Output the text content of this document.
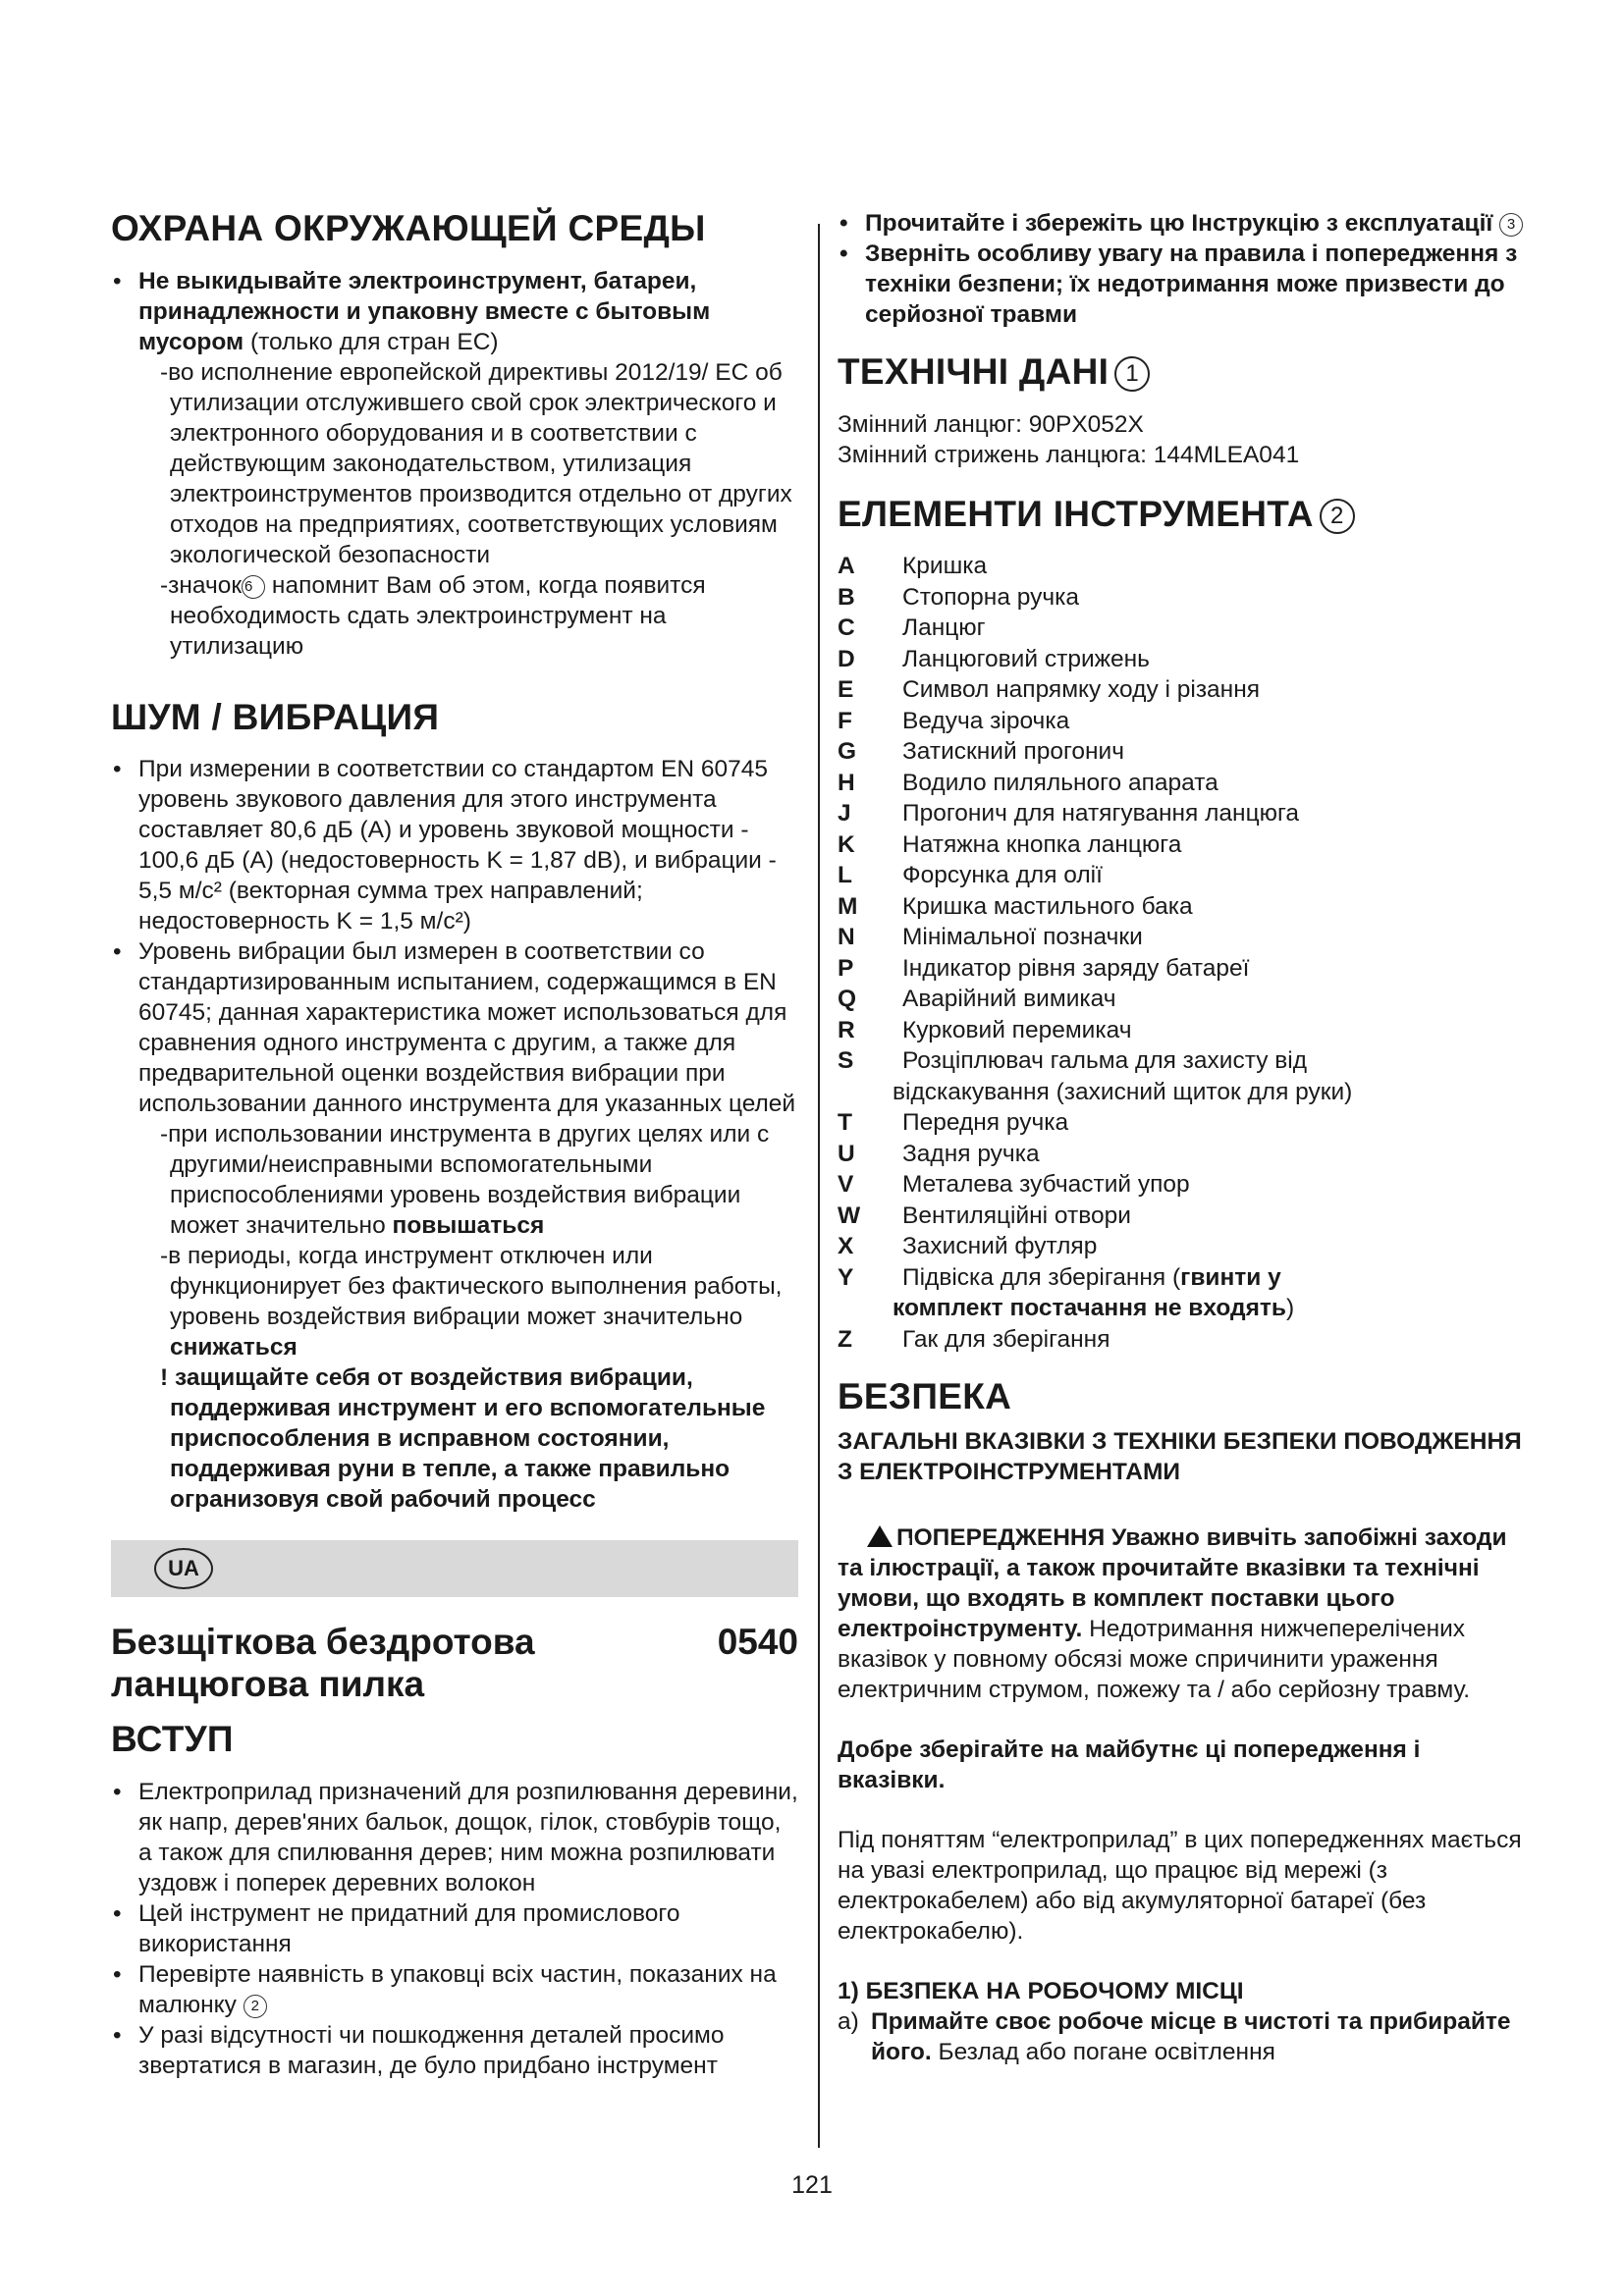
ОХРАНА ОКРУЖАЮЩЕЙ СРЕДЫ

• Не выкидывайте электроинструмент, батареи, принадлежности и упаковну вместе с бытовым мусором (только для стран ЕС)

-во исполнение европейской директивы 2012/19/ ЕС об утилизации отслужившего свой срок электрического и электронного оборудования и в соответствии с действующим законодательством, утилизация электроинструментов производится отдельно от других отходов на предприятиях, соответствующих условиям экологической безопасности

-значок 6 напомнит Вам об этом, когда появится необходимость сдать электроинструмент на утилизацию

ШУМ / ВИБРАЦИЯ

• При измерении в соответствии со стандартом EN 60745 уровень звукового давления для этого инструмента составляет 80,6 дБ (A) и уровень звуковой мощности - 100,6 дБ (A) (недостоверность K = 1,87 dB), и вибрации - 5,5 м/с² (векторная сумма трех направлений; недостоверность K = 1,5 м/с²)

• Уровень вибрации был измерен в соответствии со стандартизированным испытанием, содержащимся в EN 60745; данная характеристика может использоваться для сравнения одного инструмента с другим, а также для предварительной оценки воздействия вибрации при использовании данного инструмента для указанных целей

-при использовании инструмента в других целях или с другими/неисправными вспомогательными приспособлениями уровень воздействия вибрации может значительно повышаться

-в периоды, когда инструмент отключен или функционирует без фактического выполнения работы, уровень воздействия вибрации может значительно снижаться

! защищайте себя от воздействия вибрации, поддерживая инструмент и его вспомогательные приспособления в исправном состоянии, поддерживая руни в тепле, а также правильно огранизовуя свой рабочий процесс

UA
Безщіткова бездротова	0540
ланцюгова пилка
ВСТУП

• Електроприлад призначений для розпилювання деревини, як напр, дерев'яних бальок, дощок, гілок, стовбурів тощо, а також для спилювання дерев; ним можна розпилювати уздовж і поперек деревних волокон

• Цей інструмент не придатний для промислового використання

• Перевірте наявність в упаковці всіх частин, показаних на малюнку 2

• У разі відсутності чи пошкодження деталей просимо звертатися в магазин, де було придбано інструмент

• Прочитайте і збережіть цю Інструкцію з експлуатації 3

• Зверніть особливу увагу на правила і попередження з техніки безпени; їх недотримання може призвести до серйозної травми

ТЕХНІЧНІ ДАНІ 1

Змінний ланцюг: 90PX052X

Змінний стрижень ланцюга: 144MLEA041

ЕЛЕМЕНТИ ІНСТРУМЕНТА 2
A	Кришка
B	Стопорна ручка
C	Ланцюг
D	Ланцюговий стрижень
E	Символ напрямку ходу і різання
F	Ведуча зірочка
G	Затискний прогонич
H	Водило пиляльного апарата
J	Прогонич для натягування ланцюга
K	Натяжна кнопка ланцюга
L	Форсунка для олії
M	Кришка мастильного бака
N	Мінімальної позначки
P	Індикатор рівня заряду батареї
Q	Аварійний вимикач
R	Курковий перемикач
S	Розціплювач гальма для захисту від
відскакування (захисний щиток для руки)
T	Передня ручка
U	Задня ручка
V	Металева зубчастий упор
W	Вентиляційні отвори
X	Захисний футляр
Y	Підвіска для зберігання (гвинти у
комплект постачання не входять)
Z	Гак для зберігання
БЕЗПЕКА

ЗАГАЛЬНІ ВКАЗІВКИ З ТЕХНІКИ БЕЗПЕКИ ПОВОДЖЕННЯ З ЕЛЕКТРОІНСТРУМЕНТАМИ

!ПОПЕРЕДЖЕННЯ Уважно вивчіть запобіжні заходи та ілюстрації, а також прочитайте вказівки та технічні умови, що входять в комплект поставки цього електроінструменту. Недотримання нижчеперелічених вказівок у повному обсязі може спричинити ураження електричним струмом, пожежу та / або серйозну травму.

Добре зберігайте на майбутнє ці попередження і вказівки.

Під поняттям “електроприлад” в цих попередженнях мається на увазі електроприлад, що працює від мережі (з електрокабелем) або від акумуляторної батареї (без електрокабелю).

1) БЕЗПЕКА НА РОБОЧОМУ МІСЦІ

a) Примайте своє робоче місце в чистоті та прибирайте його. Безлад або погане освітлення
121
